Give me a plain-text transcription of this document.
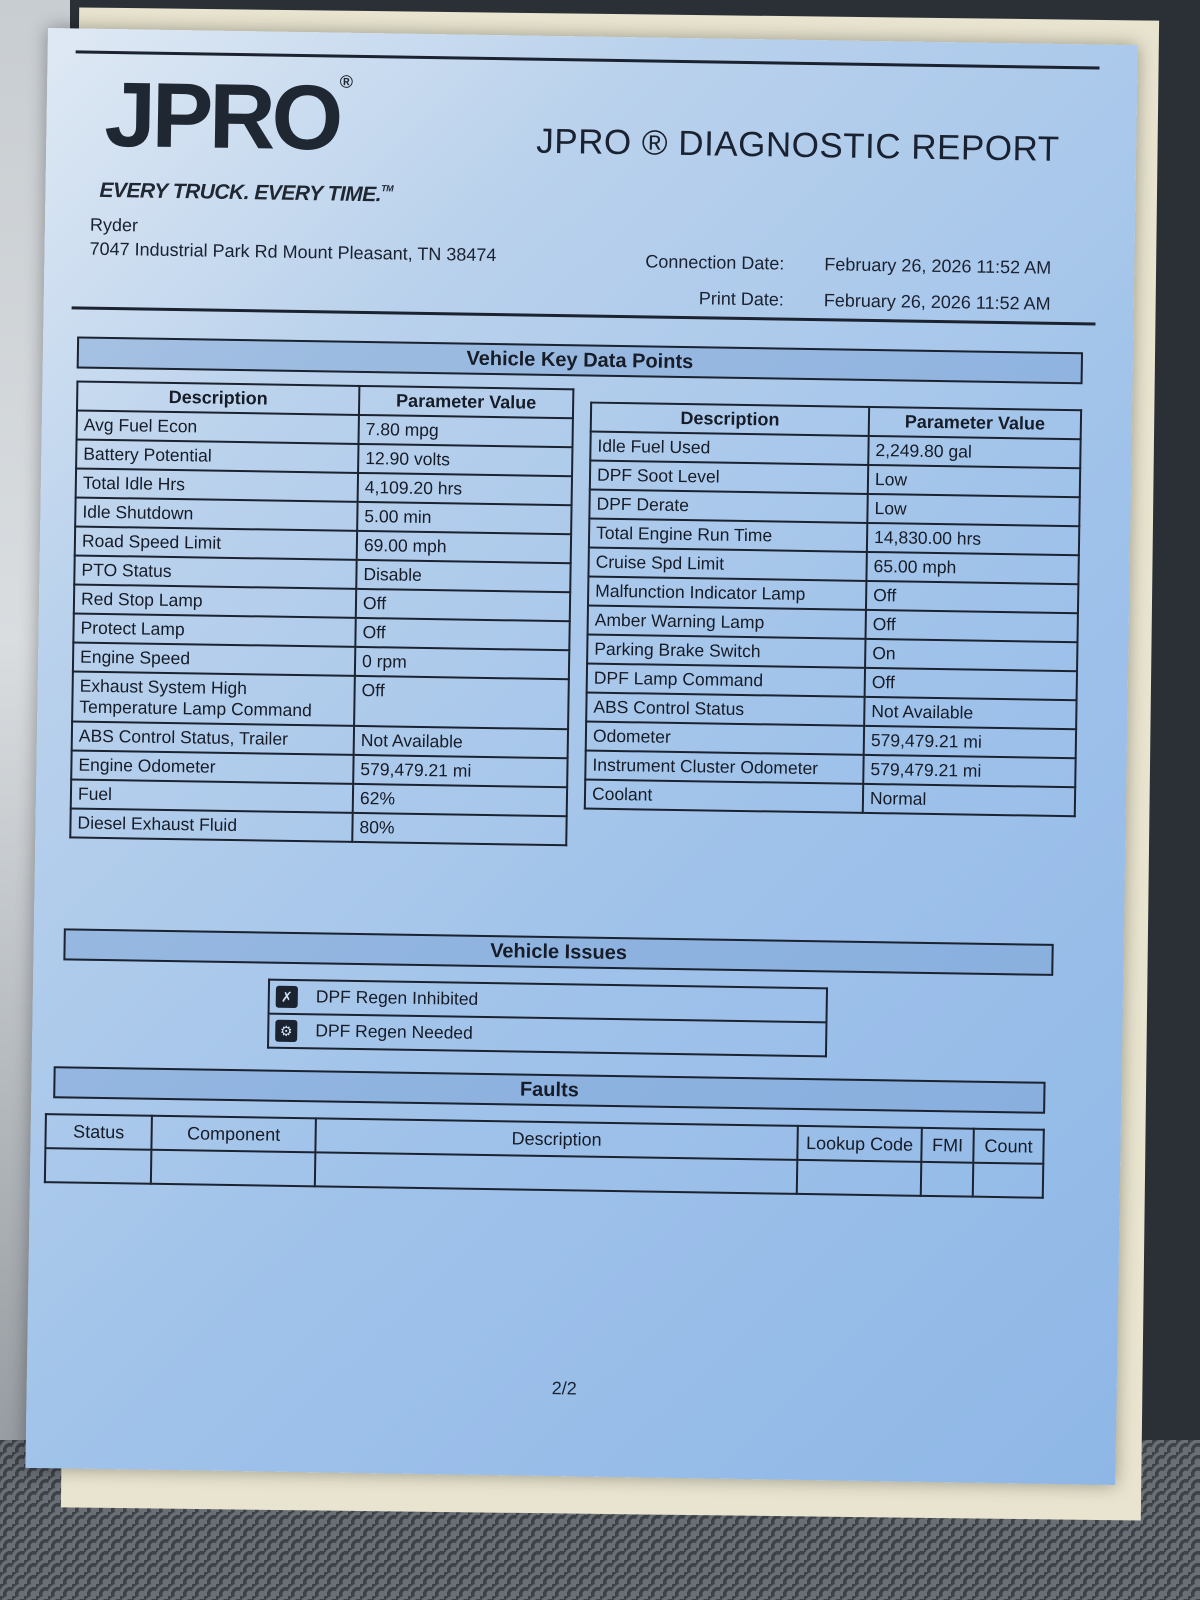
JPRO®
EVERY TRUCK. EVERY TIME.™
JPRO ® DIAGNOSTIC REPORT
Ryder
7047 Industrial Park Rd Mount Pleasant, TN 38474	Connection Date:	February 26, 2026 11:52 AM
Print Date:	February 26, 2026 11:52 AM
Vehicle Key Data Points
Description	Parameter Value
Avg Fuel Econ	7.80 mpg
Battery Potential	12.90 volts
Total Idle Hrs	4,109.20 hrs
Idle Shutdown	5.00 min
Road Speed Limit	69.00 mph
PTO Status	Disable
Red Stop Lamp	Off
Protect Lamp	Off
Engine Speed	0 rpm
Exhaust System High Temperature Lamp Command	Off
ABS Control Status, Trailer	Not Available
Engine Odometer	579,479.21 mi
Fuel	62%
Diesel Exhaust Fluid	80%
Description	Parameter Value
Idle Fuel Used	2,249.80 gal
DPF Soot Level	Low
DPF Derate	Low
Total Engine Run Time	14,830.00 hrs
Cruise Spd Limit	65.00 mph
Malfunction Indicator Lamp	Off
Amber Warning Lamp	Off
Parking Brake Switch	On
DPF Lamp Command	Off
ABS Control Status	Not Available
Odometer	579,479.21 mi
Instrument Cluster Odometer	579,479.21 mi
Coolant	Normal
Vehicle Issues
✗ DPF Regen Inhibited
⚙ DPF Regen Needed
Faults
Status	Component	Description	Lookup Code	FMI	Count

2/2
